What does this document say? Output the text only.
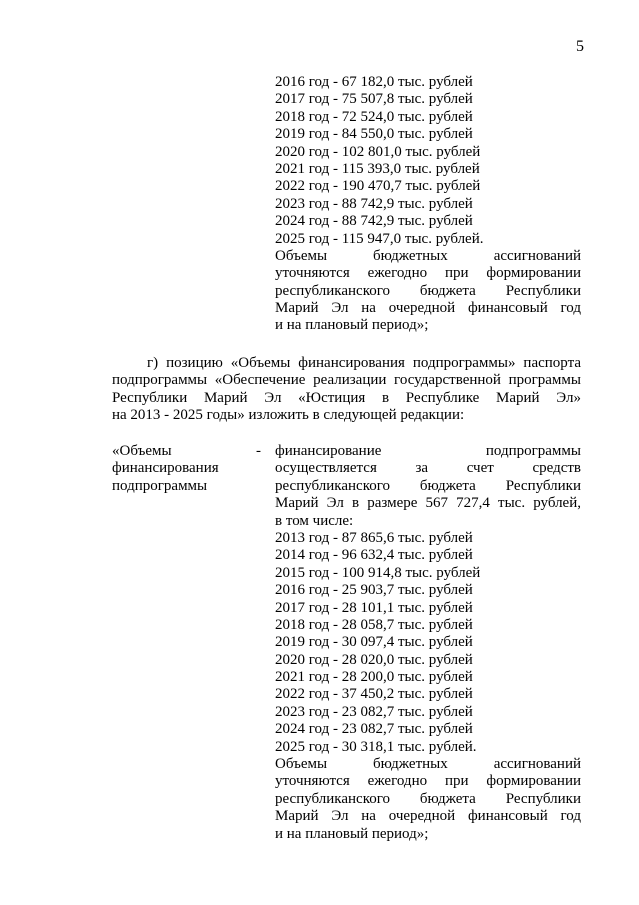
5
2016 год - 67 182,0 тыс. рублей
2017 год - 75 507,8 тыс. рублей
2018 год - 72 524,0 тыс. рублей
2019 год - 84 550,0 тыс. рублей
2020 год - 102 801,0 тыс. рублей
2021 год - 115 393,0 тыс. рублей
2022 год - 190 470,7 тыс. рублей
2023 год - 88 742,9 тыс. рублей
2024 год - 88 742,9 тыс. рублей
2025 год - 115 947,0 тыс. рублей.
Объемы бюджетных ассигнований
уточняются ежегодно при формировании
республиканского бюджета Республики
Марий Эл на очередной финансовый год
и на плановый период»;
г) позицию «Объемы финансирования подпрограммы» паспорта
подпрограммы «Обеспечение реализации государственной программы
Республики Марий Эл «Юстиция в Республике Марий Эл»
на 2013 - 2025 годы» изложить в следующей редакции:
«Объемы
финансирования
подпрограммы
- финансирование подпрограммы
осуществляется за счет средств
республиканского бюджета Республики
Марий Эл в размере 567 727,4 тыс. рублей,
в том числе:
2013 год - 87 865,6 тыс. рублей
2014 год - 96 632,4 тыс. рублей
2015 год - 100 914,8 тыс. рублей
2016 год - 25 903,7 тыс. рублей
2017 год - 28 101,1 тыс. рублей
2018 год - 28 058,7 тыс. рублей
2019 год - 30 097,4 тыс. рублей
2020 год - 28 020,0 тыс. рублей
2021 год - 28 200,0 тыс. рублей
2022 год - 37 450,2 тыс. рублей
2023 год - 23 082,7 тыс. рублей
2024 год - 23 082,7 тыс. рублей
2025 год - 30 318,1 тыс. рублей.
Объемы бюджетных ассигнований
уточняются ежегодно при формировании
республиканского бюджета Республики
Марий Эл на очередной финансовый год
и на плановый период»;
